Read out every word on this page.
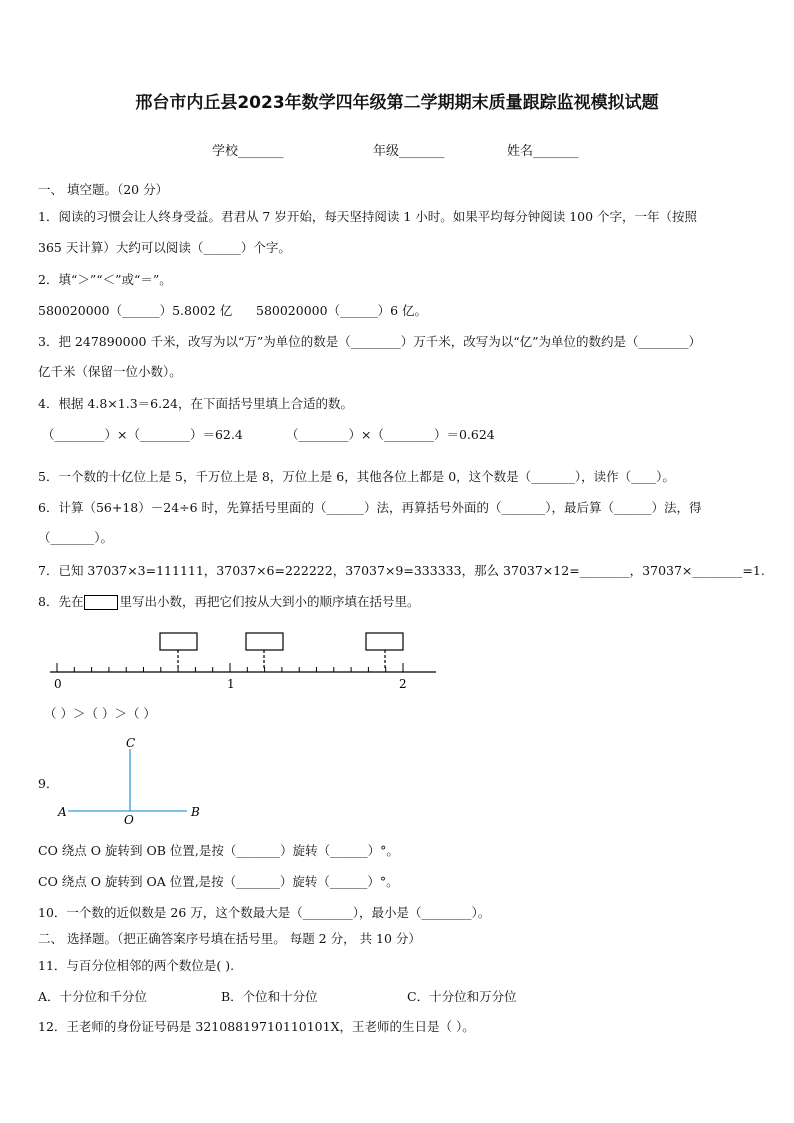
邢台市内丘县2023年数学四年级第二学期期末质量跟踪监视模拟试题
学校_______	年级_______	姓名_______
一、 填空题。（20 分）
1．阅读的习惯会让人终身受益。君君从 7 岁开始，每天坚持阅读 1 小时。如果平均每分钟阅读 100 个字，一年（按照
365 天计算）大约可以阅读（______）个字。
2．填“＞”“＜”或“＝”。
580020000（______）5.8002 亿 580020000（______）6 亿。
3．把 247890000 千米，改写为以“万”为单位的数是（________）万千米，改写为以“亿”为单位的数约是（________）
亿千米（保留一位小数）。
4．根据 4.8×1.3＝6.24，在下面括号里填上合适的数。
（________）×（________）＝62.4	（________）×（________）＝0.624
5．一个数的十亿位上是 5，千万位上是 8，万位上是 6，其他各位上都是 0，这个数是（_______），读作（____）。
6．计算（56+18）－24÷6 时，先算括号里面的（______）法，再算括号外面的（_______），最后算（______）法，得
（_______）。
7．已知 37037×3=111111，37037×6=222222，37037×9=333333，那么 37037×12=________，37037×________=1.
8．先在	里写出小数，再把它们按从大到小的顺序填在括号里。
0	1	2
（ ）＞（ ）＞（ ）
9．
C
A	B
O
CO 绕点 O 旋转到 OB 位置,是按（_______）旋转（______）°。
CO 绕点 O 旋转到 OA 位置,是按（_______）旋转（______）°。
10．一个数的近似数是 26 万，这个数最大是（________），最小是（________）。
二、 选择题。（把正确答案序号填在括号里。 每题 2 分， 共 10 分）
11．与百分位相邻的两个数位是( ).
A．十分位和千分位	B．个位和十分位	C．十分位和万分位
12．王老师的身份证号码是 32108819710110101X，王老师的生日是（ ）。
